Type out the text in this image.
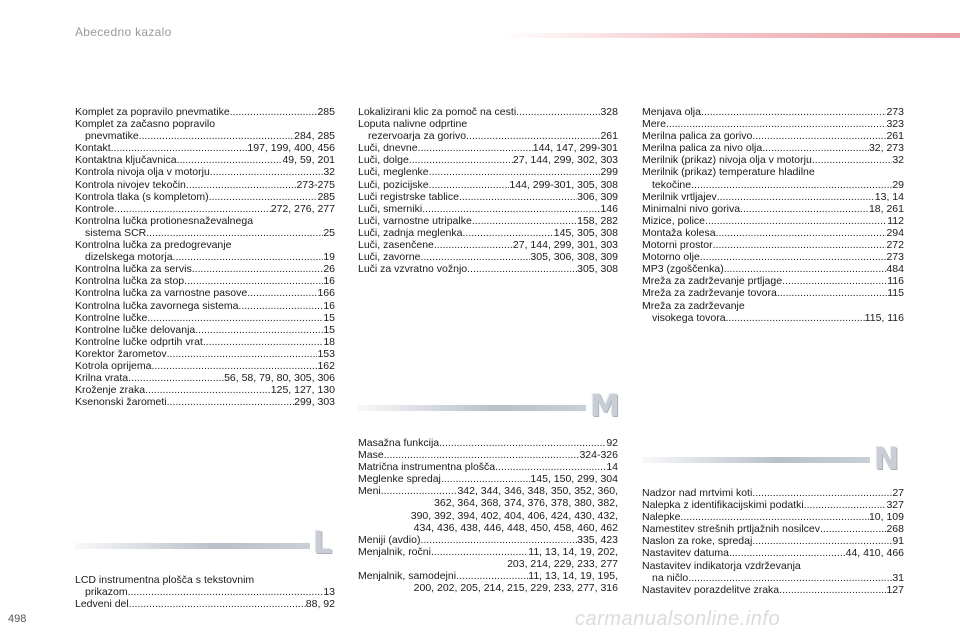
Abecedno kazalo
Komplet za popravilo pnevmatike .....	285
Komplet za začasno popravilo
pnevmatike .....	284, 285
Kontakt .....	197, 199, 400, 456
Kontaktna ključavnica .....	49, 59, 201
Kontrola nivoja olja v motorju .....	32
Kontrola nivojev tekočin .....	273-275
Kontrola tlaka (s kompletom) .....	285
Kontrole .....	272, 276, 277
Kontrolna lučka protionesnaževalnega
sistema SCR .....	25
Kontrolna lučka za predogrevanje
dizelskega motorja .....	19
Kontrolna lučka za servis .....	26
Kontrolna lučka za stop .....	16
Kontrolna lučka za varnostne pasove .....	166
Kontrolna lučka zavornega sistema .....	16
Kontrolne lučke .....	15
Kontrolne lučke delovanja .....	15
Kontrolne lučke odprtih vrat .....	18
Korektor žarometov .....	153
Kotrola oprijema .....	162
Krilna vrata .....	56, 58, 79, 80, 305, 306
Kroženje zraka .....	125, 127, 130
Ksenonski žarometi .....	299, 303
L
LCD instrumentna plošča s tekstovnim
prikazom .....	13
Ledveni del .....	88, 92
Lokalizirani klic za pomoč na cesti .....	328
Loputa nalivne odprtine
rezervoarja za gorivo .....	261
Luči, dnevne .....	144, 147, 299-301
Luči, dolge .....	27, 144, 299, 302, 303
Luči, meglenke .....	299
Luči, pozicijske .....	144, 299-301, 305, 308
Luči registrske tablice .....	306, 309
Luči, smerniki .....	146
Luči, varnostne utripalke .....	158, 282
Luči, zadnja meglenka .....	145, 305, 308
Luči, zasenčene .....	27, 144, 299, 301, 303
Luči, zavorne .....	305, 306, 308, 309
Luči za vzvratno vožnjo .....	305, 308
M
Masažna funkcija .....	92
Mase .....	324-326
Matrična instrumentna plošča .....	14
Meglenke spredaj .....	145, 150, 299, 304
Meni .....	342, 344, 346, 348, 350, 352, 360,
362, 364, 368, 374, 376, 378, 380, 382,
390, 392, 394, 402, 404, 406, 424, 430, 432,
434, 436, 438, 446, 448, 450, 458, 460, 462
Meniji (avdio) .....	335, 423
Menjalnik, ročni .....	11, 13, 14, 19, 202,
203, 214, 229, 233, 277
Menjalnik, samodejni .....	11, 13, 14, 19, 195,
200, 202, 205, 214, 215, 229, 233, 277, 316
Menjava olja .....	273
Mere .....	323
Merilna palica za gorivo .....	261
Merilna palica za nivo olja .....	32, 273
Merilnik (prikaz) nivoja olja v motorju .....	32
Merilnik (prikaz) temperature hladilne
tekočine .....	29
Merilnik vrtljajev .....	13, 14
Minimalni nivo goriva .....	18, 261
Mizice, police .....	112
Montaža kolesa .....	294
Motorni prostor .....	272
Motorno olje .....	273
MP3 (zgoščenka) .....	484
Mreža za zadrževanje prtljage .....	116
Mreža za zadrževanje tovora .....	115
Mreža za zadrževanje
visokega tovora .....	115, 116
N
Nadzor nad mrtvimi koti .....	27
Nalepka z identifikacijskimi podatki .....	327
Nalepke .....	10, 109
Namestitev strešnih prtljažnih nosilcev .....	268
Naslon za roke, spredaj .....	91
Nastavitev datuma .....	44, 410, 466
Nastavitev indikatorja vzdrževanja
na ničlo .....	31
Nastavitev porazdelitve zraka .....	127
498	carmanualsonline.info
